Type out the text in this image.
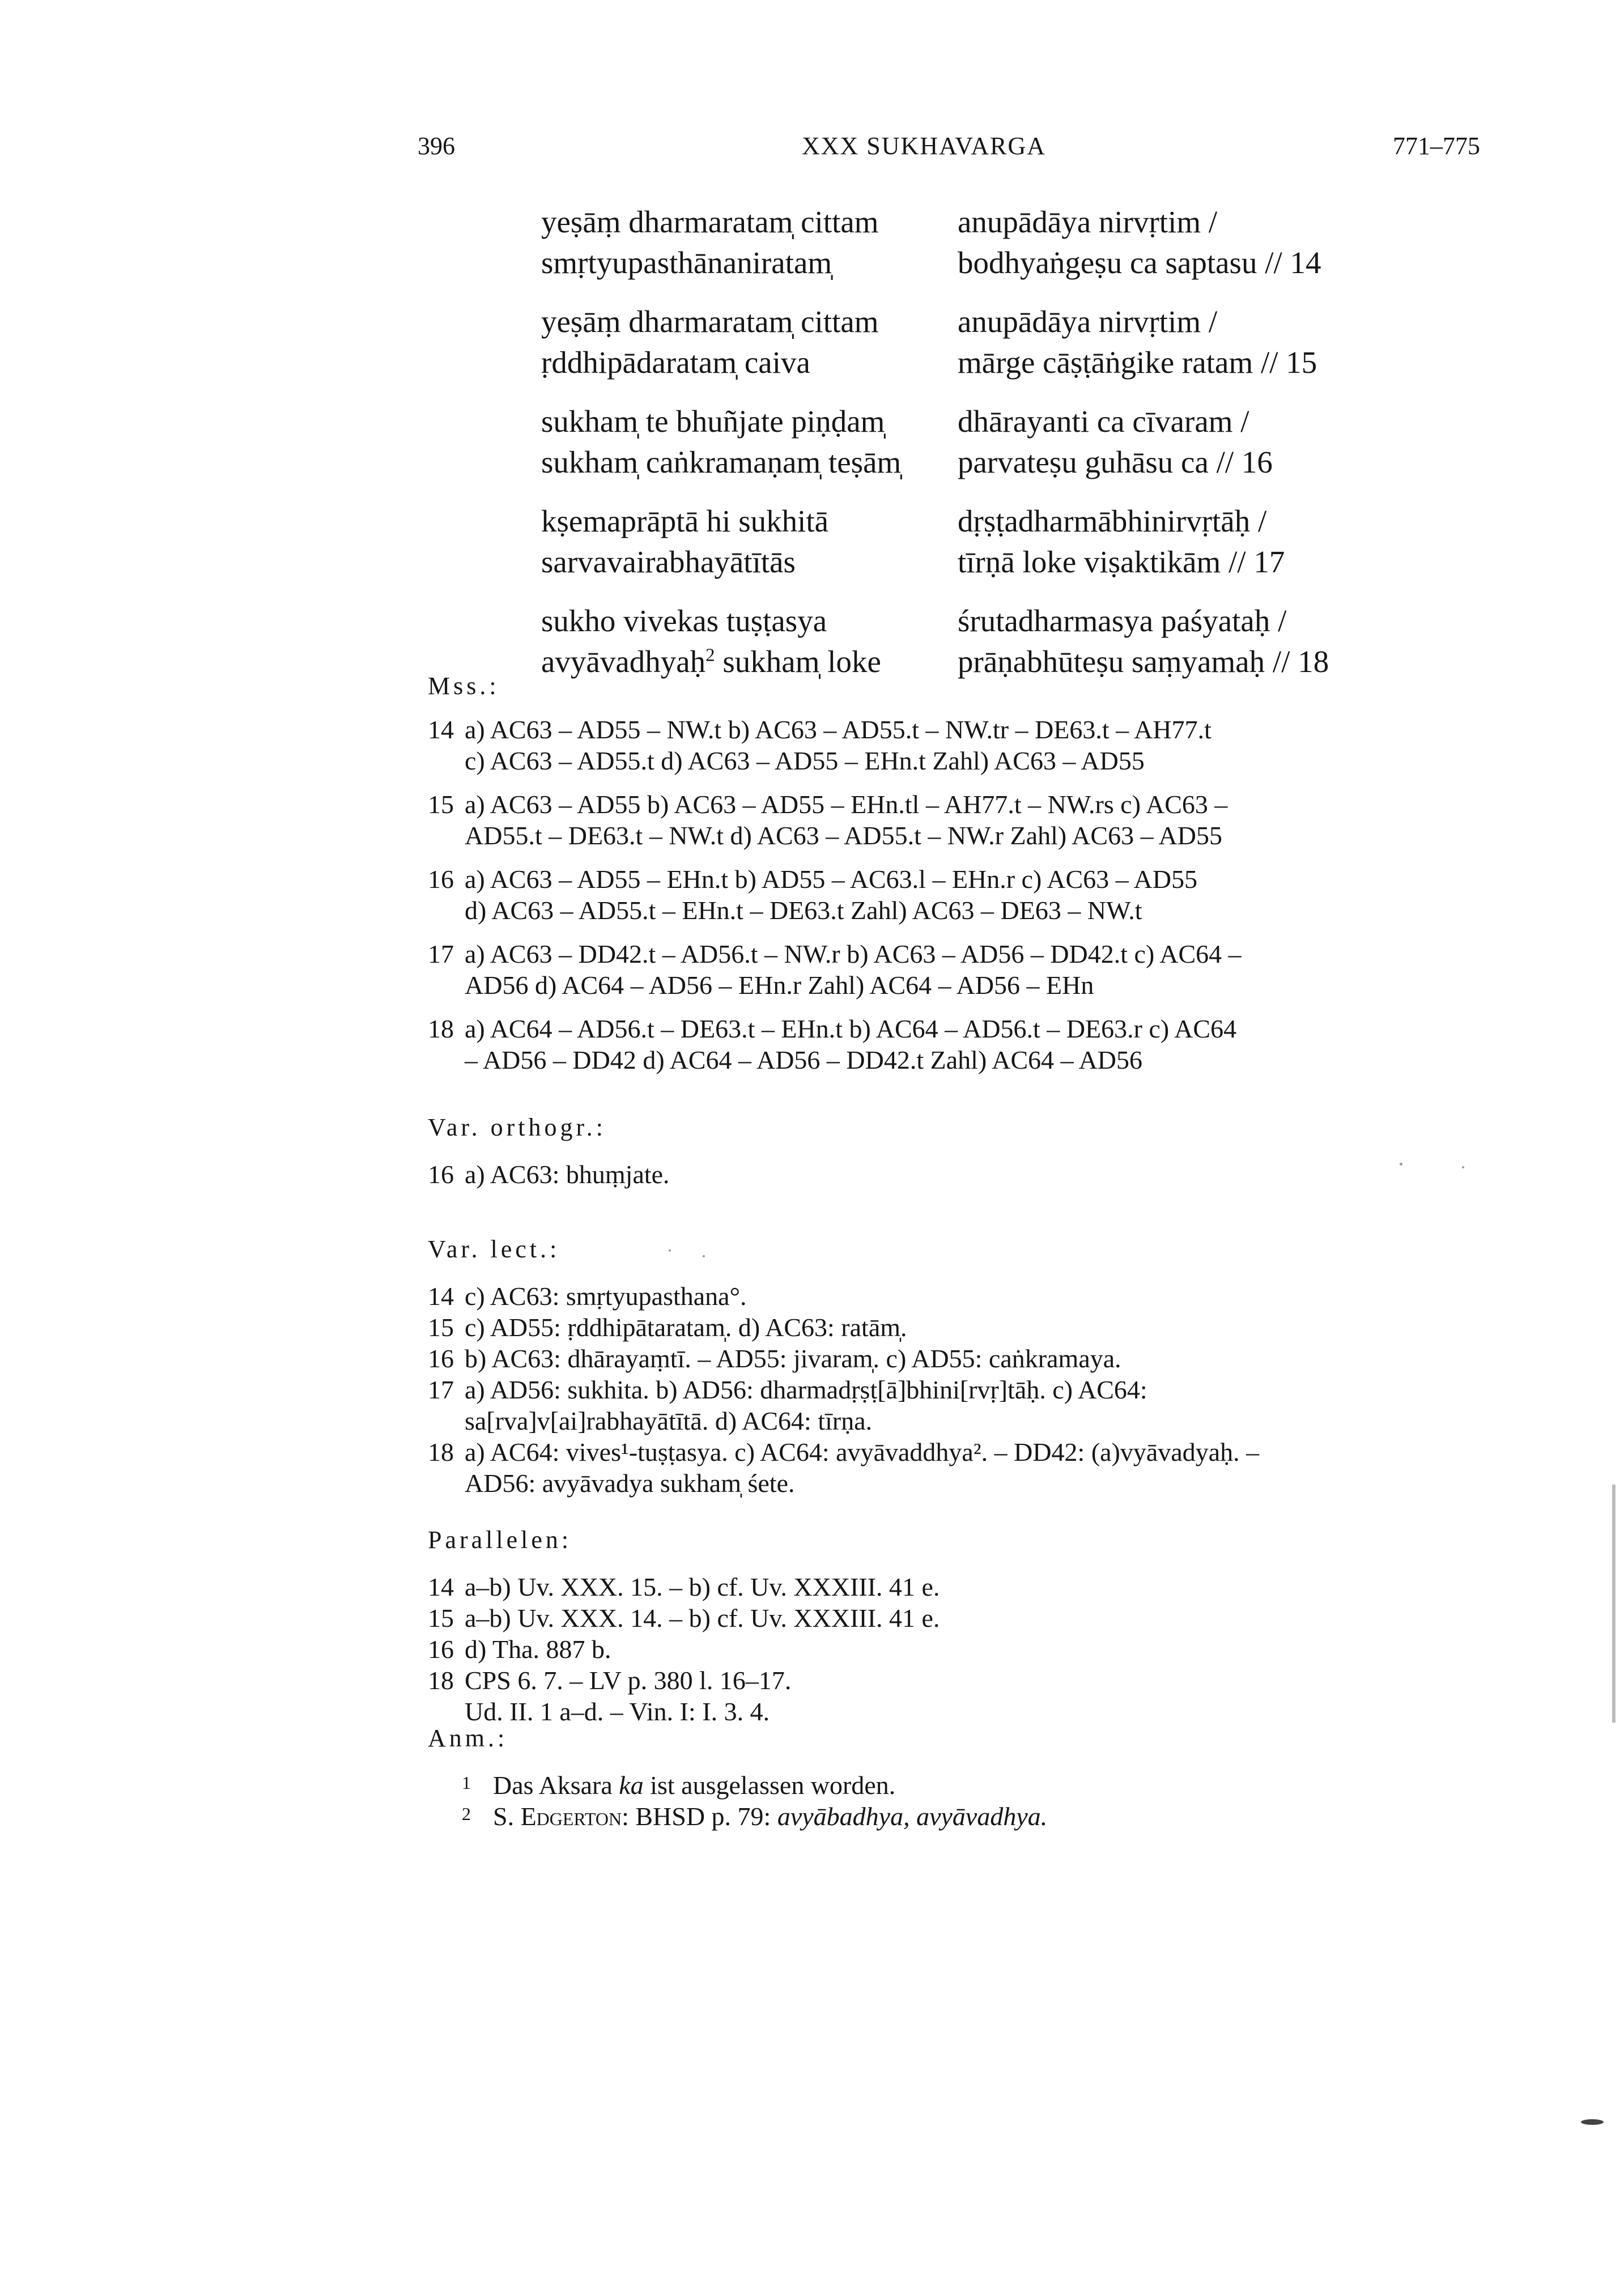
396	XXX SUKHAVARGA	771–775
yeṣāṃ dharmaratam̩ cittam	anupādāya nirvṛtim /
smṛtyupasthānaniratam̩	bodhyaṅgeṣu ca saptasu // 14
yeṣāṃ dharmaratam̩ cittam	anupādāya nirvṛtim /
ṛddhipādaratam̩ caiva	mārge cāṣṭāṅgike ratam // 15
sukham̩ te bhuñjate piṇḍam̩	dhārayanti ca cīvaram /
sukham̩ caṅkramaṇam̩ teṣām̩	parvateṣu guhāsu ca // 16
kṣemaprāptā hi sukhitā	dṛṣṭadharmābhinirvṛtāḥ /
sarvavairabhayātītās	tīrṇā loke viṣaktikām // 17
sukho vivekas tuṣṭasya	śrutadharmasya paśyataḥ /
avyāvadhyaḥ$^2$ sukham̩ loke	prāṇabhūteṣu saṃyamaḥ // 18
Mss.:
14 a) AC63 – AD55 – NW.t b) AC63 – AD55.t – NW.tr – DE63.t – AH77.t
c) AC63 – AD55.t d) AC63 – AD55 – EHn.t Zahl) AC63 – AD55
15 a) AC63 – AD55 b) AC63 – AD55 – EHn.tl – AH77.t – NW.rs c) AC63 –
AD55.t – DE63.t – NW.t d) AC63 – AD55.t – NW.r Zahl) AC63 – AD55
16 a) AC63 – AD55 – EHn.t b) AD55 – AC63.l – EHn.r c) AC63 – AD55
d) AC63 – AD55.t – EHn.t – DE63.t Zahl) AC63 – DE63 – NW.t
17 a) AC63 – DD42.t – AD56.t – NW.r b) AC63 – AD56 – DD42.t c) AC64 –
AD56 d) AC64 – AD56 – EHn.r Zahl) AC64 – AD56 – EHn
18 a) AC64 – AD56.t – DE63.t – EHn.t b) AC64 – AD56.t – DE63.r c) AC64
– AD56 – DD42 d) AC64 – AD56 – DD42.t Zahl) AC64 – AD56
Var. orthogr.:
16 a) AC63: bhuṃjate.
Var. lect.:
14 c) AC63: smṛtyupasthana°.
15 c) AD55: ṛddhipātaratam̩. d) AC63: ratām̩.
16 b) AC63: dhārayaṃtī. – AD55: jivaram̩. c) AD55: caṅkramaya.
17 a) AD56: sukhita. b) AD56: dharmadṛṣṭ[ā]bhini[rvṛ]tāḥ. c) AC64:
sa[rva]v[ai]rabhayātītā. d) AC64: tīrṇa.
18 a) AC64: vives¹-tuṣṭasya. c) AC64: avyāvaddhya². – DD42: (a)vyāvadyaḥ. –
AD56: avyāvadya sukham̩ śete.
Parallelen:
14 a–b) Uv. XXX. 15. – b) cf. Uv. XXXIII. 41 e.
15 a–b) Uv. XXX. 14. – b) cf. Uv. XXXIII. 41 e.
16 d) Tha. 887 b.
18 CPS 6. 7. – LV p. 380 l. 16–17.
Ud. II. 1 a–d. – Vin. I: I. 3. 4.
Anm.:
1 Das Aksara ka ist ausgelassen worden.
2 S. Edgerton: BHSD p. 79: avyābadhya, avyāvadhya.
